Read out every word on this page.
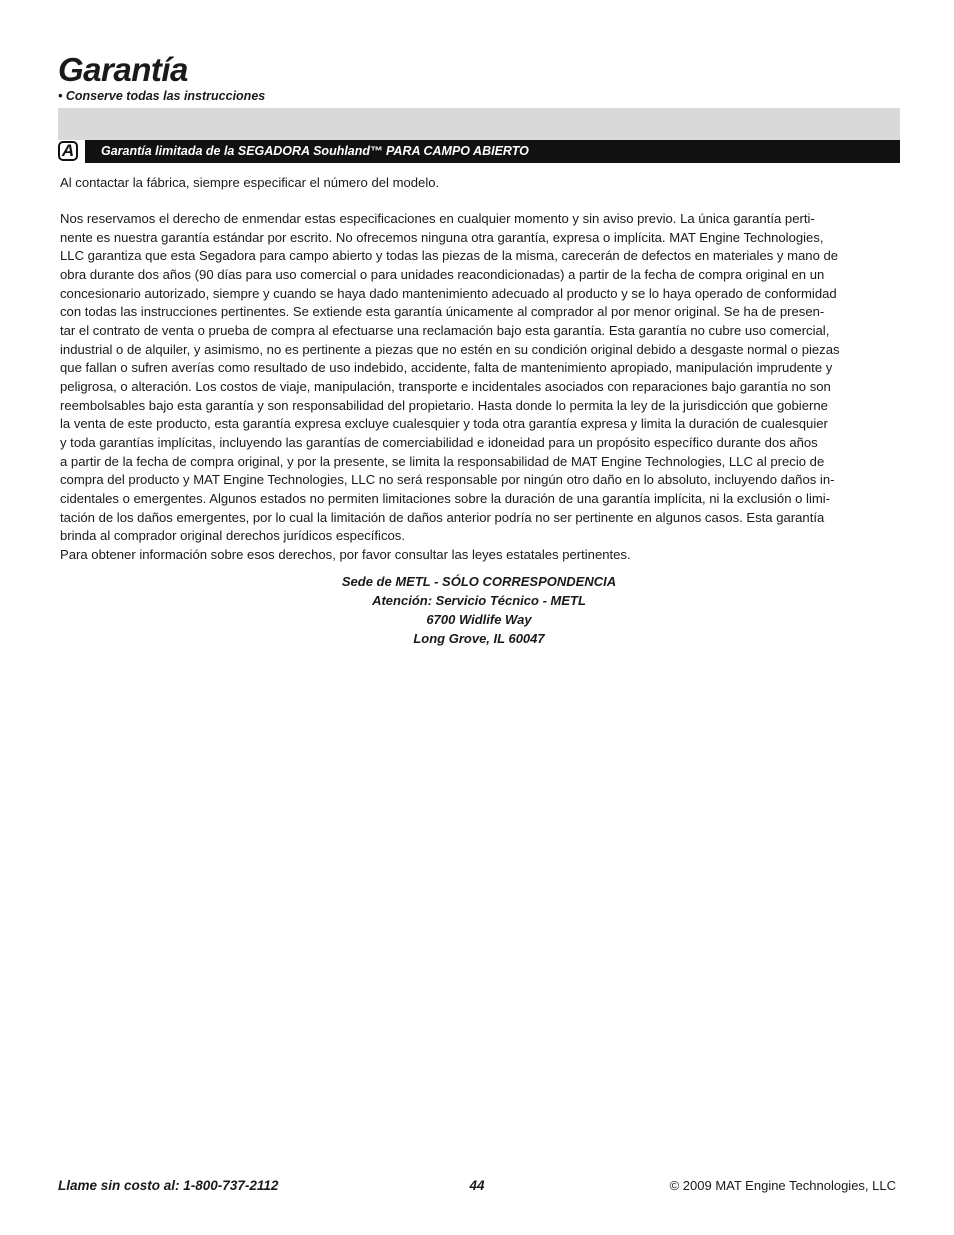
Garantía
• Conserve todas las instrucciones
A	Garantía limitada de la SEGADORA Souhland™ PARA CAMPO ABIERTO
Al contactar la fábrica, siempre especificar el número del modelo.
Nos reservamos el derecho de enmendar estas especificaciones en cualquier momento y sin aviso previo. La única garantía perti-
nente es nuestra garantía estándar por escrito. No ofrecemos ninguna otra garantía, expresa o implícita. MAT Engine Technologies,
LLC garantiza que esta Segadora para campo abierto y todas las piezas de la misma, carecerán de defectos en materiales y mano de
obra durante dos años (90 días para uso comercial o para unidades reacondicionadas) a partir de la fecha de compra original en un
concesionario autorizado, siempre y cuando se haya dado mantenimiento adecuado al producto y se lo haya operado de conformidad
con todas las instrucciones pertinentes. Se extiende esta garantía únicamente al comprador al por menor original. Se ha de presen-
tar el contrato de venta o prueba de compra al efectuarse una reclamación bajo esta garantía. Esta garantía no cubre uso comercial,
industrial o de alquiler, y asimismo, no es pertinente a piezas que no estén en su condición original debido a desgaste normal o piezas
que fallan o sufren averías como resultado de uso indebido, accidente, falta de mantenimiento apropiado, manipulación imprudente y
peligrosa, o alteración. Los costos de viaje, manipulación, transporte e incidentales asociados con reparaciones bajo garantía no son
reembolsables bajo esta garantía y son responsabilidad del propietario. Hasta donde lo permita la ley de la jurisdicción que gobierne
la venta de este producto, esta garantía expresa excluye cualesquier y toda otra garantía expresa y limita la duración de cualesquier
y toda garantías implícitas, incluyendo las garantías de comerciabilidad e idoneidad para un propósito específico durante dos años
a partir de la fecha de compra original, y por la presente, se limita la responsabilidad de MAT Engine Technologies, LLC al precio de
compra del producto y MAT Engine Technologies, LLC no será responsable por ningún otro daño en lo absoluto, incluyendo daños in-
cidentales o emergentes. Algunos estados no permiten limitaciones sobre la duración de una garantía implícita, ni la exclusión o limi-
tación de los daños emergentes, por lo cual la limitación de daños anterior podría no ser pertinente en algunos casos. Esta garantía
brinda al comprador original derechos jurídicos específicos.
Para obtener información sobre esos derechos, por favor consultar las leyes estatales pertinentes.
Sede de METL - SÓLO CORRESPONDENCIA
Atención: Servicio Técnico - METL
6700 Widlife Way
Long Grove, IL 60047
44
Llame sin costo al: 1-800-737-2112	© 2009 MAT Engine Technologies, LLC
